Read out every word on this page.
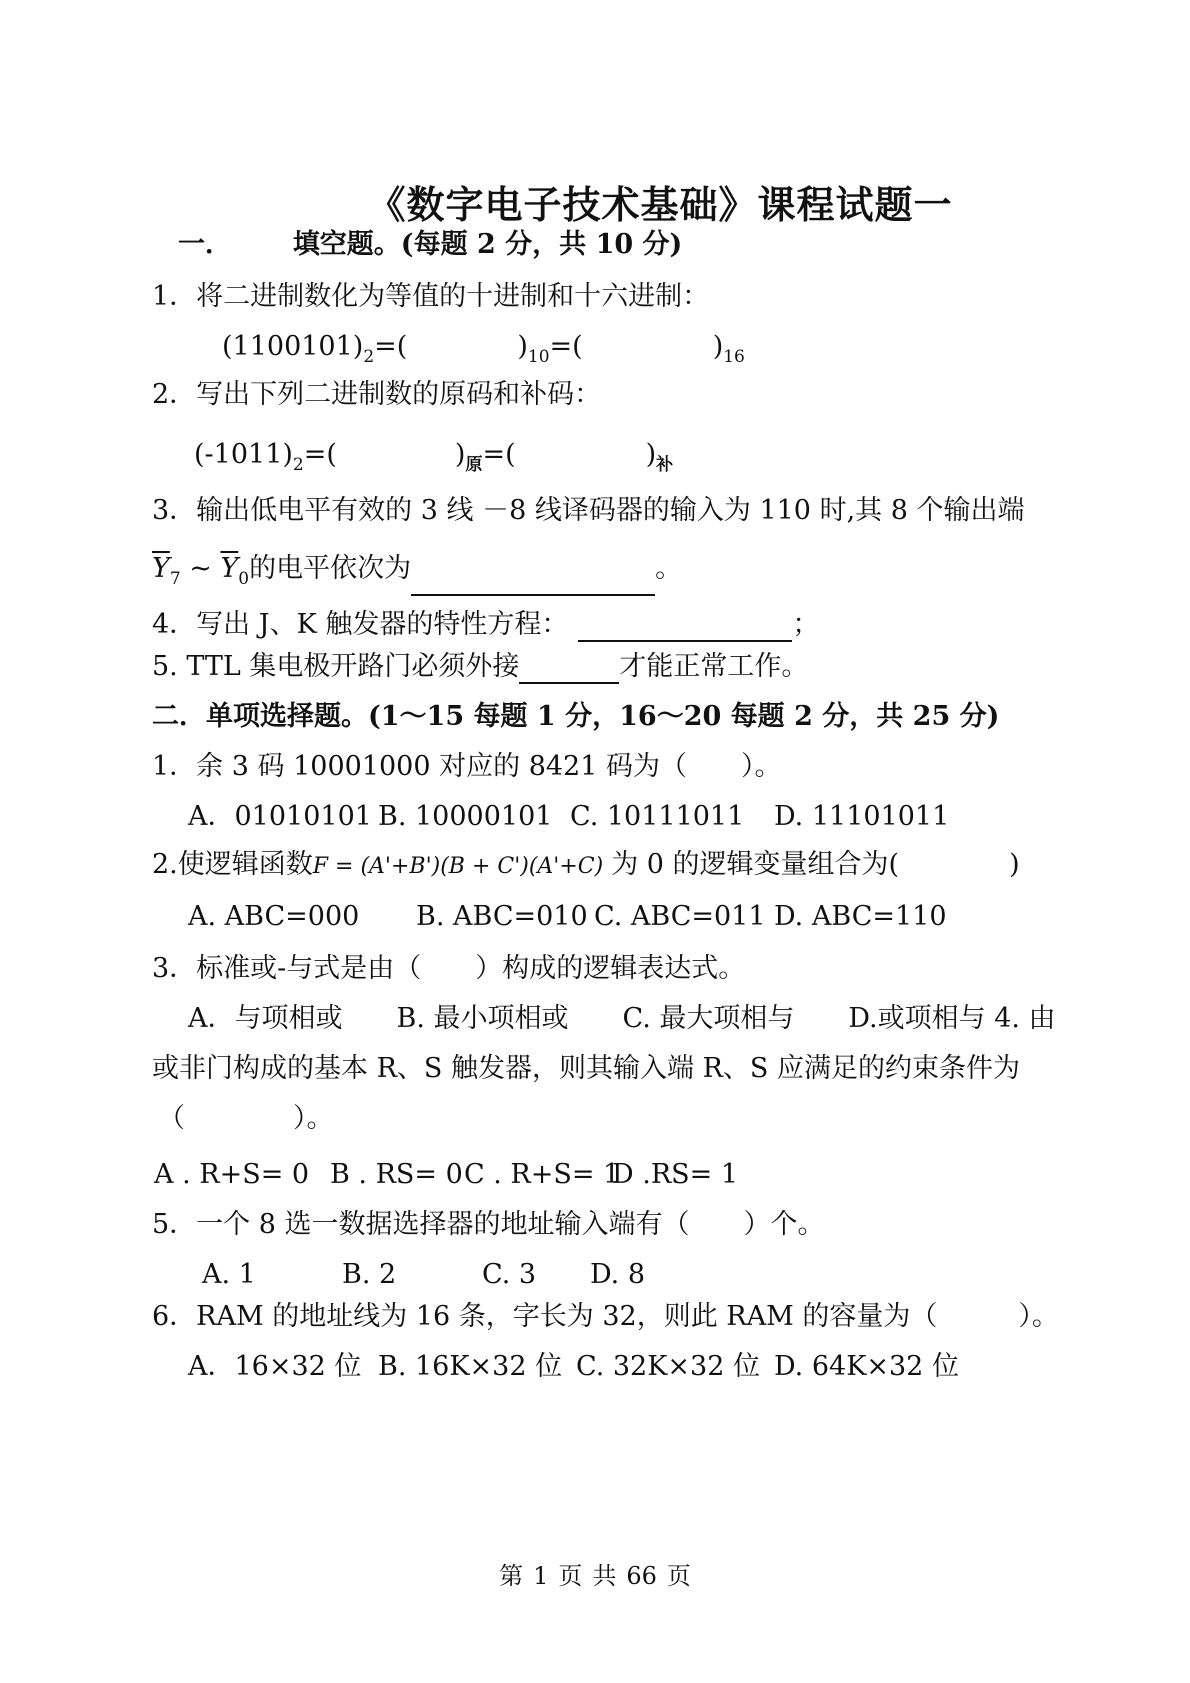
《数字电子技术基础》课程试题一
一． 填空题。(每题 2 分，共 10 分)
1．将二进制数化为等值的十进制和十六进制：
$(1100101)_2=$(	)$_{10}=$(	)$_{16}$
2．写出下列二进制数的原码和补码：
$(-1011)_2=$(	)$_原=$(	)$_补$
3．输出低电平有效的 3 线 －8 线译码器的输入为 110 时,其 8 个输出端
$\overline{Y}_7$ ~ $\overline{Y}_0$的电平依次为	。
4．写出 J、K 触发器的特性方程：	；
5. TTL 集电极开路门必须外接	才能正常工作。
二．单项选择题。(1～15 每题 1 分，16～20 每题 2 分，共 25 分)
1．余 3 码 10001000 对应的 8421 码为（　　）。
A．01010101 B. 10000101 C. 10111011 D. 11101011
2.使逻辑函数F = (A'+B')(B + C')(A'+C) 为 0 的逻辑变量组合为(	)
A. ABC=000 B. ABC=010 C. ABC=011 D. ABC=110
3．标准或-与式是由（　　）构成的逻辑表达式。
A．与项相或　　B. 最小项相或　　C. 最大项相与　　D.或项相与 4. 由
或非门构成的基本 R、S 触发器，则其输入端 R、S 应满足的约束条件为
（　　　　）。
A . R+S= 0 B . RS= 0C . R+S= 1D .RS= 1
5．一个 8 选一数据选择器的地址输入端有（　　）个。
A. 1	B. 2	C. 3 D. 8
6．RAM 的地址线为 16 条，字长为 32，则此 RAM 的容量为（　　　）。
A．16×32 位 B. 16K×32 位 C. 32K×32 位 D. 64K×32 位
第 1 页 共 66 页
